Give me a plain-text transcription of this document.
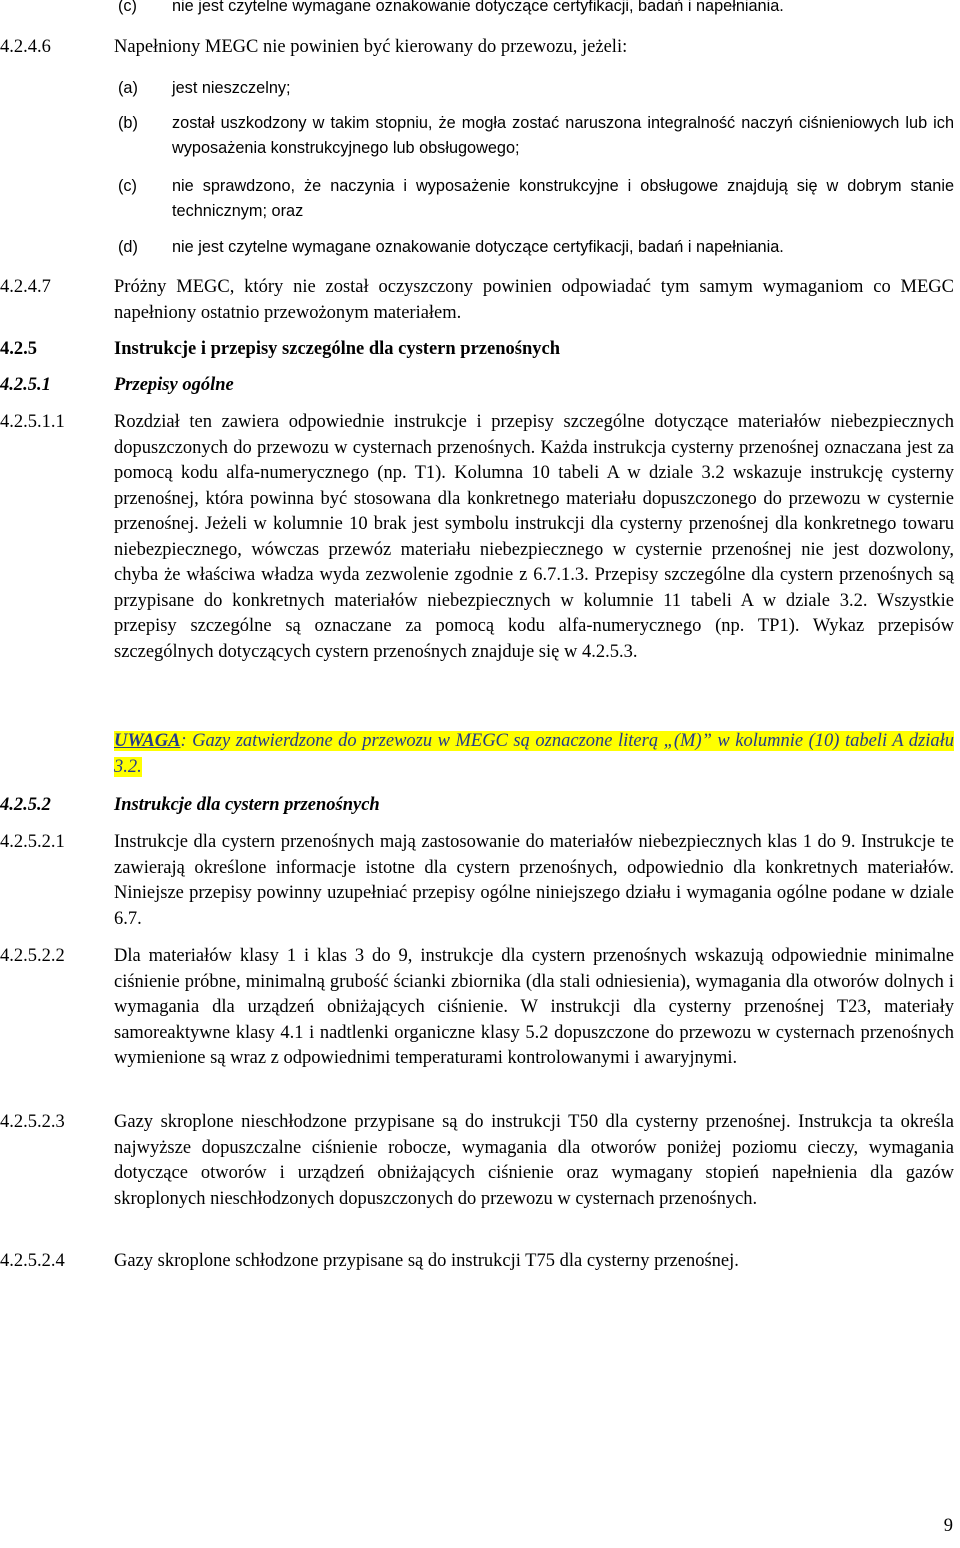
(c) nie jest czytelne wymagane oznakowanie dotyczące certyfikacji, badań i napełniania.
4.2.4.6	Napełniony MEGC nie powinien być kierowany do przewozu, jeżeli:
(a) jest nieszczelny;
(b) został uszkodzony w takim stopniu, że mogła zostać naruszona integralność naczyń ciśnieniowych lub ich wyposażenia konstrukcyjnego lub obsługowego;
(c) nie sprawdzono, że naczynia i wyposażenie konstrukcyjne i obsługowe znajdują się w dobrym stanie technicznym; oraz
(d) nie jest czytelne wymagane oznakowanie dotyczące certyfikacji, badań i napełniania.
4.2.4.7	Próżny MEGC, który nie został oczyszczony powinien odpowiadać tym samym wymaganiom co MEGC napełniony ostatnio przewożonym materiałem.
4.2.5	Instrukcje i przepisy szczególne dla cystern przenośnych
4.2.5.1	Przepisy ogólne
4.2.5.1.1	Rozdział ten zawiera odpowiednie instrukcje i przepisy szczególne dotyczące materiałów niebezpiecznych dopuszczonych do przewozu w cysternach przenośnych. Każda instrukcja cysterny przenośnej oznaczana jest za pomocą kodu alfa-numerycznego (np. T1). Kolumna 10 tabeli A w dziale 3.2 wskazuje instrukcję cysterny przenośnej, która powinna być stosowana dla konkretnego materiału dopuszczonego do przewozu w cysternie przenośnej. Jeżeli w kolumnie 10 brak jest symbolu instrukcji dla cysterny przenośnej dla konkretnego towaru niebezpiecznego, wówczas przewóz materiału niebezpiecznego w cysternie przenośnej nie jest dozwolony, chyba że właściwa władza wyda zezwolenie zgodnie z 6.7.1.3. Przepisy szczególne dla cystern przenośnych są przypisane do konkretnych materiałów niebezpiecznych w kolumnie 11 tabeli A w dziale 3.2. Wszystkie przepisy szczególne są oznaczane za pomocą kodu alfa-numerycznego (np. TP1). Wykaz przepisów szczególnych dotyczących cystern przenośnych znajduje się w 4.2.5.3.
UWAGA: Gazy zatwierdzone do przewozu w MEGC są oznaczone literą „(M)” w kolumnie (10) tabeli A działu 3.2.
4.2.5.2	Instrukcje dla cystern przenośnych
4.2.5.2.1	Instrukcje dla cystern przenośnych mają zastosowanie do materiałów niebezpiecznych klas 1 do 9. Instrukcje te zawierają określone informacje istotne dla cystern przenośnych, odpowiednio dla konkretnych materiałów. Niniejsze przepisy powinny uzupełniać przepisy ogólne niniejszego działu i wymagania ogólne podane w dziale 6.7.
4.2.5.2.2	Dla materiałów klasy 1 i klas 3 do 9, instrukcje dla cystern przenośnych wskazują odpowiednie minimalne ciśnienie próbne, minimalną grubość ścianki zbiornika (dla stali odniesienia), wymagania dla otworów dolnych i wymagania dla urządzeń obniżających ciśnienie. W instrukcji dla cysterny przenośnej T23, materiały samoreaktywne klasy 4.1 i nadtlenki organiczne klasy 5.2 dopuszczone do przewozu w cysternach przenośnych wymienione są wraz z odpowiednimi temperaturami kontrolowanymi i awaryjnymi.
4.2.5.2.3	Gazy skroplone nieschłodzone przypisane są do instrukcji T50 dla cysterny przenośnej. Instrukcja ta określa najwyższe dopuszczalne ciśnienie robocze, wymagania dla otworów poniżej poziomu cieczy, wymagania dotyczące otworów i urządzeń obniżających ciśnienie oraz wymagany stopień napełnienia dla gazów skroplonych nieschłodzonych dopuszczonych do przewozu w cysternach przenośnych.
4.2.5.2.4	Gazy skroplone schłodzone przypisane są do instrukcji T75 dla cysterny przenośnej.
9
